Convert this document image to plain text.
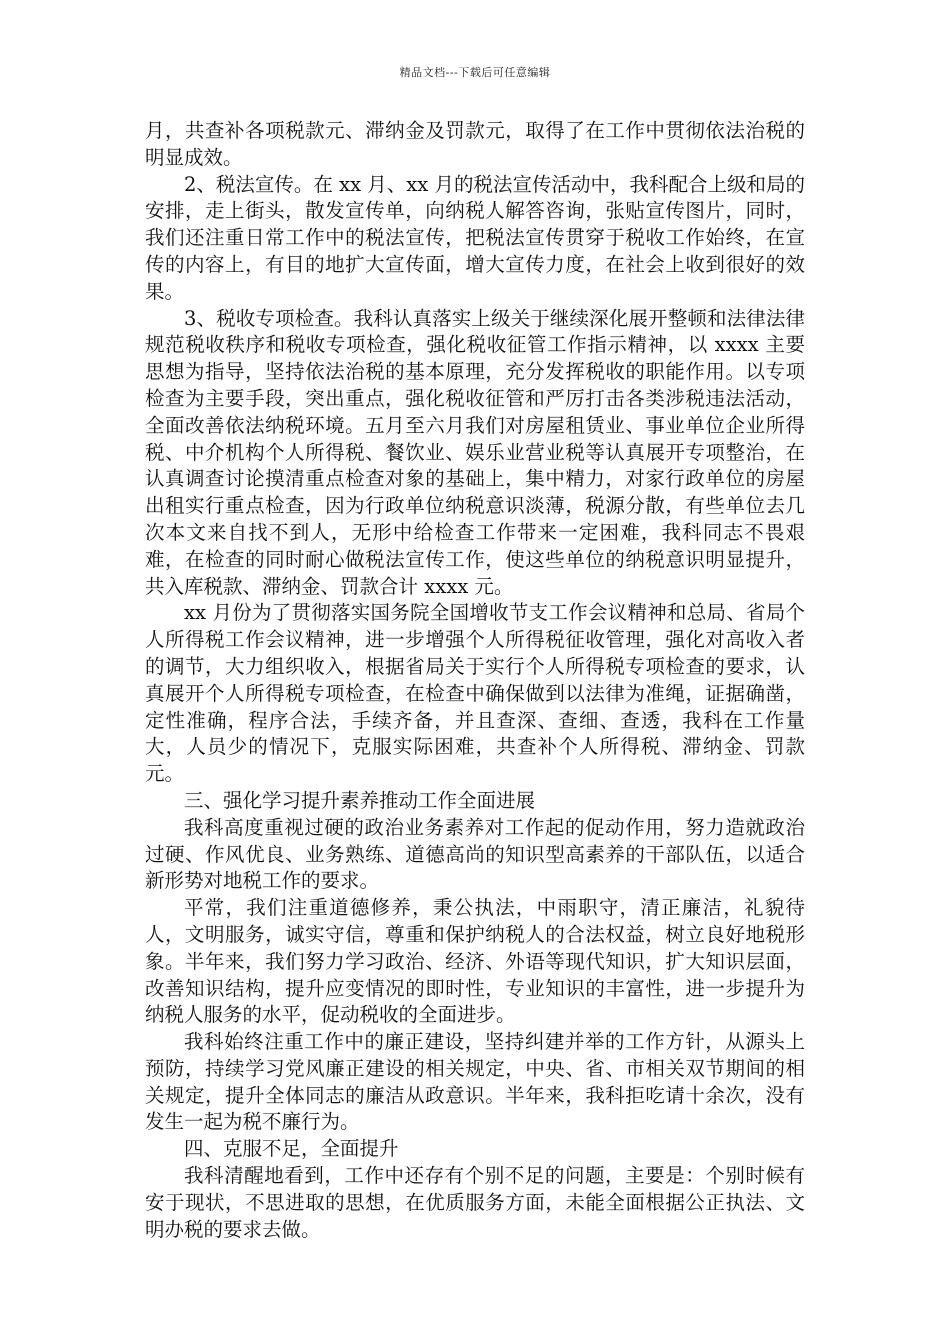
精品文档---下载后可任意编辑

月，共查补各项税款元、滞纳金及罚款元，取得了在工作中贯彻依法治税的明显成效。

2、税法宣传。在 xx 月、xx 月的税法宣传活动中，我科配合上级和局的安排，走上街头，散发宣传单，向纳税人解答咨询，张贴宣传图片，同时，我们还注重日常工作中的税法宣传，把税法宣传贯穿于税收工作始终，在宣传的内容上，有目的地扩大宣传面，增大宣传力度，在社会上收到很好的效果。

3、税收专项检查。我科认真落实上级关于继续深化展开整顿和法律法律规范税收秩序和税收专项检查，强化税收征管工作指示精神，以 xxxx 主要思想为指导，坚持依法治税的基本原理，充分发挥税收的职能作用。以专项检查为主要手段，突出重点，强化税收征管和严厉打击各类涉税违法活动，全面改善依法纳税环境。五月至六月我们对房屋租赁业、事业单位企业所得税、中介机构个人所得税、餐饮业、娱乐业营业税等认真展开专项整治，在认真调查讨论摸清重点检查对象的基础上，集中精力，对家行政单位的房屋出租实行重点检查，因为行政单位纳税意识淡薄，税源分散，有些单位去几次本文来自找不到人，无形中给检查工作带来一定困难，我科同志不畏艰难，在检查的同时耐心做税法宣传工作，使这些单位的纳税意识明显提升，共入库税款、滞纳金、罚款合计 xxxx 元。

xx 月份为了贯彻落实国务院全国增收节支工作会议精神和总局、省局个人所得税工作会议精神，进一步增强个人所得税征收管理，强化对高收入者的调节，大力组织收入，根据省局关于实行个人所得税专项检查的要求，认真展开个人所得税专项检查，在检查中确保做到以法律为准绳，证据确凿，定性准确，程序合法，手续齐备，并且查深、查细、查透，我科在工作量大，人员少的情况下，克服实际困难，共查补个人所得税、滞纳金、罚款元。

三、强化学习提升素养推动工作全面进展

我科高度重视过硬的政治业务素养对工作起的促动作用，努力造就政治过硬、作风优良、业务熟练、道德高尚的知识型高素养的干部队伍，以适合新形势对地税工作的要求。

平常，我们注重道德修养，秉公执法，中雨职守，清正廉洁，礼貌待人，文明服务，诚实守信，尊重和保护纳税人的合法权益，树立良好地税形象。半年来，我们努力学习政治、经济、外语等现代知识，扩大知识层面，改善知识结构，提升应变情况的即时性，专业知识的丰富性，进一步提升为纳税人服务的水平，促动税收的全面进步。

我科始终注重工作中的廉正建设，坚持纠建并举的工作方针，从源头上预防，持续学习党风廉正建设的相关规定，中央、省、市相关双节期间的相关规定，提升全体同志的廉洁从政意识。半年来，我科拒吃请十余次，没有发生一起为税不廉行为。

四、克服不足，全面提升

我科清醒地看到，工作中还存有个别不足的问题，主要是：个别时候有安于现状，不思进取的思想，在优质服务方面，未能全面根据公正执法、文明办税的要求去做。
